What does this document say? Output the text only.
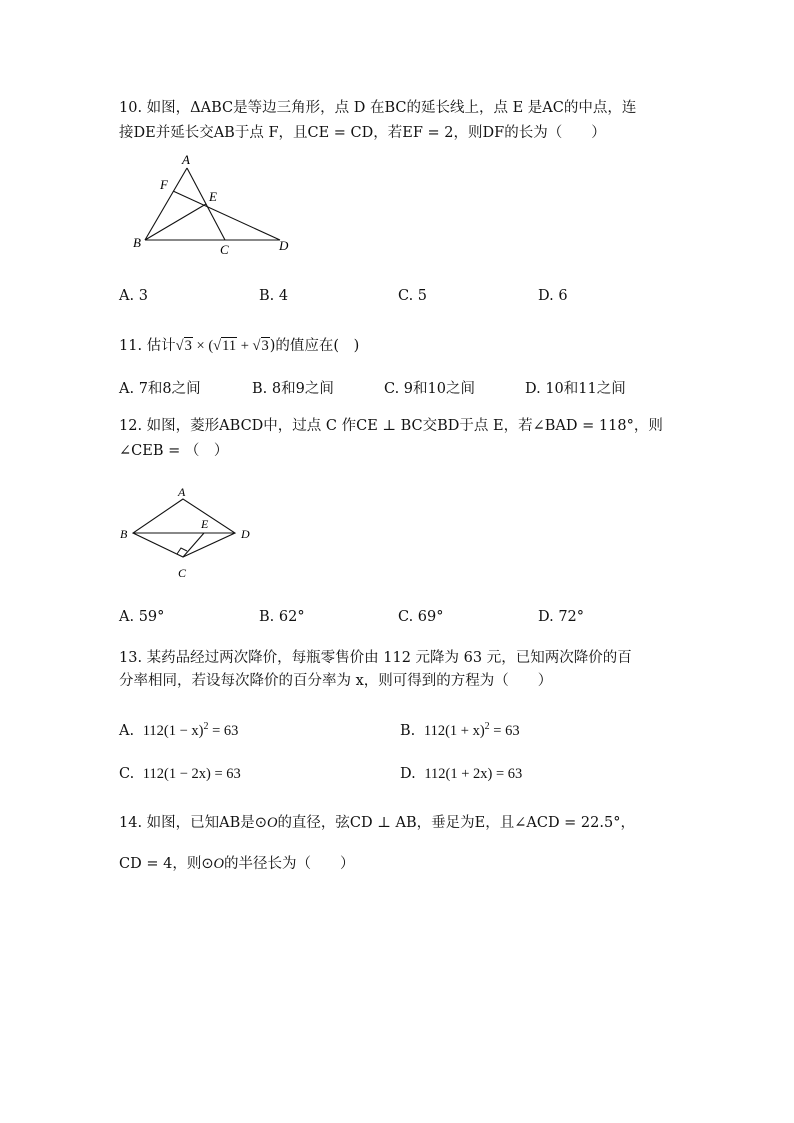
10. 如图，ΔABC是等边三角形，点 D 在BC的延长线上，点 E 是AC的中点，连
接DE并延长交AB于点 F，且CE = CD，若EF = 2，则DF的长为（　　）
A
F
E
B	C	D
A. 3	B. 4	C. 5	D. 6
11. 估计√3 × (√11 + √3)的值应在(　)
A. 7和8之间	B. 8和9之间	C. 9和10之间	D. 10和11之间
12. 如图，菱形ABCD中，过点 C 作CE ⊥ BC交BD于点 E，若∠BAD = 118°，则
∠CEB = （　）
A
B
E
D
C
A. 59°	B. 62°	C. 69°	D. 72°
13. 某药品经过两次降价，每瓶零售价由 112 元降为 63 元，已知两次降价的百
分率相同，若设每次降价的百分率为 x，则可得到的方程为（　　）
A. $112(1 - x)^2 = 63$	B. $112(1 + x)^2 = 63$
C. 112(1 − 2x) = 63	D. 112(1 + 2x) = 63
14. 如图，已知AB是⊙O的直径，弦CD ⊥ AB，垂足为E，且∠ACD = 22.5°，
CD = 4，则⊙O的半径长为（　　）
